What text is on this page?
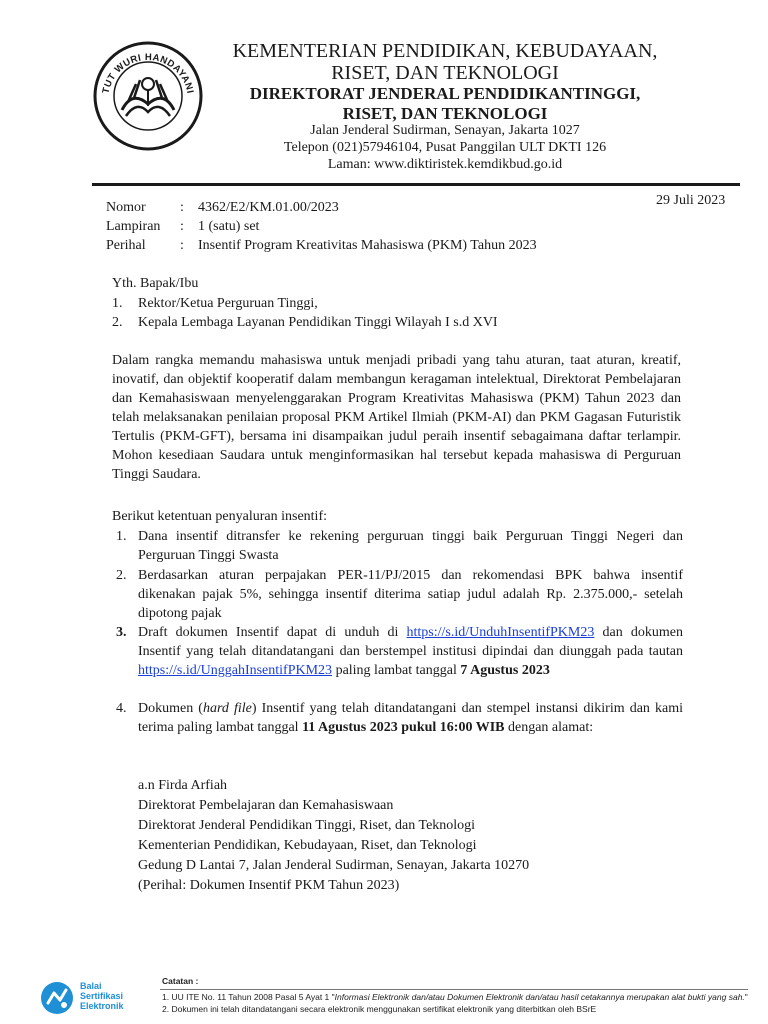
TUT WURI HANDAYANI
KEMENTERIAN PENDIDIKAN, KEBUDAYAAN,
RISET, DAN TEKNOLOGI
DIREKTORAT JENDERAL PENDIDIKANTINGGI,
RISET, DAN TEKNOLOGI
Jalan Jenderal Sudirman, Senayan, Jakarta 1027
Telepon (021)57946104, Pusat Panggilan ULT DKTI 126
Laman: www.diktiristek.kemdikbud.go.id
29 Juli 2023
Nomor : 4362/E2/KM.01.00/2023
Lampiran : 1 (satu) set
Perihal : Insentif Program Kreativitas Mahasiswa (PKM) Tahun 2023
Yth. Bapak/Ibu
1. Rektor/Ketua Perguruan Tinggi,
2. Kepala Lembaga Layanan Pendidikan Tinggi Wilayah I s.d XVI
Dalam rangka memandu mahasiswa untuk menjadi pribadi yang tahu aturan, taat aturan, kreatif, inovatif, dan objektif kooperatif dalam membangun keragaman intelektual, Direktorat Pembelajaran dan Kemahasiswaan menyelenggarakan Program Kreativitas Mahasiswa (PKM) Tahun 2023 dan telah melaksanakan penilaian proposal PKM Artikel Ilmiah (PKM-AI) dan PKM Gagasan Futuristik Tertulis (PKM-GFT), bersama ini disampaikan judul peraih insentif sebagaimana daftar terlampir. Mohon kesediaan Saudara untuk menginformasikan hal tersebut kepada mahasiswa di Perguruan Tinggi Saudara.
Berikut ketentuan penyaluran insentif:
1. Dana insentif ditransfer ke rekening perguruan tinggi baik Perguruan Tinggi Negeri dan Perguruan Tinggi Swasta
2. Berdasarkan aturan perpajakan PER-11/PJ/2015 dan rekomendasi BPK bahwa insentif dikenakan pajak 5%, sehingga insentif diterima satiap judul adalah Rp. 2.375.000,- setelah dipotong pajak
3. Draft dokumen Insentif dapat di unduh di https://s.id/UnduhInsentifPKM23 dan dokumen Insentif yang telah ditandatangani dan berstempel institusi dipindai dan diunggah pada tautan https://s.id/UnggahInsentifPKM23 paling lambat tanggal 7 Agustus 2023
4. Dokumen (hard file) Insentif yang telah ditandatangani dan stempel instansi dikirim dan kami terima paling lambat tanggal 11 Agustus 2023 pukul 16:00 WIB dengan alamat:
a.n Firda Arfiah
Direktorat Pembelajaran dan Kemahasiswaan
Direktorat Jenderal Pendidikan Tinggi, Riset, dan Teknologi
Kementerian Pendidikan, Kebudayaan, Riset, dan Teknologi
Gedung D Lantai 7, Jalan Jenderal Sudirman, Senayan, Jakarta 10270
(Perihal: Dokumen Insentif PKM Tahun 2023)
Balai
Sertifikasi
Elektronik
Catatan :
1. UU ITE No. 11 Tahun 2008 Pasal 5 Ayat 1 "Informasi Elektronik dan/atau Dokumen Elektronik dan/atau hasil cetakannya merupakan alat bukti yang sah."
2. Dokumen ini telah ditandatangani secara elektronik menggunakan sertifikat elektronik yang diterbitkan oleh BSrE
